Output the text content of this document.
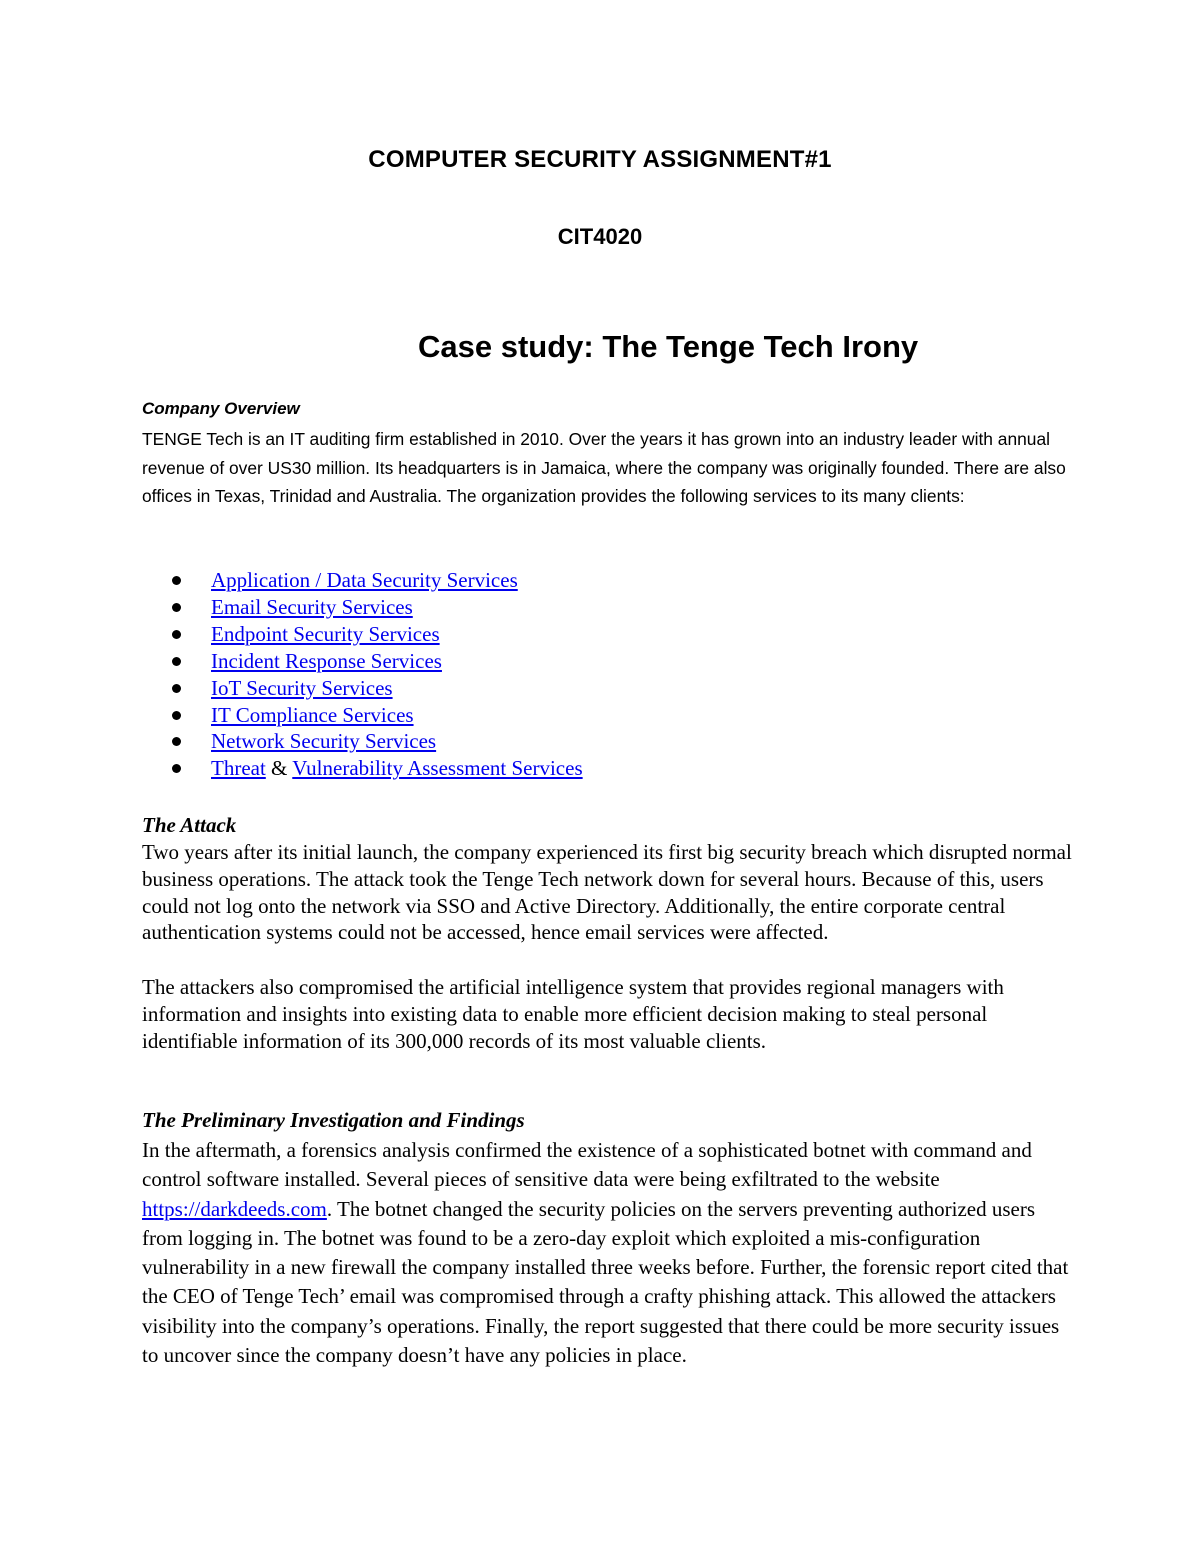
COMPUTER SECURITY ASSIGNMENT#1
CIT4020
Case study: The Tenge Tech Irony
Company Overview

TENGE Tech is an IT auditing firm established in 2010. Over the years it has grown into an industry leader with annual revenue of over US30 million. Its headquarters is in Jamaica, where the company was originally founded. There are also offices in Texas, Trinidad and Australia. The organization provides the following services to its many clients:

Application / Data Security Services
Email Security Services
Endpoint Security Services
Incident Response Services
IoT Security Services
IT Compliance Services
Network Security Services
Threat & Vulnerability Assessment Services
The Attack

Two years after its initial launch, the company experienced its first big security breach which disrupted normal business operations. The attack took the Tenge Tech network down for several hours. Because of this, users could not log onto the network via SSO and Active Directory. Additionally, the entire corporate central authentication systems could not be accessed, hence email services were affected.

The attackers also compromised the artificial intelligence system that provides regional managers with information and insights into existing data to enable more efficient decision making to steal personal identifiable information of its 300,000 records of its most valuable clients.

The Preliminary Investigation and Findings

In the aftermath, a forensics analysis confirmed the existence of a sophisticated botnet with command and control software installed. Several pieces of sensitive data were being exfiltrated to the website https://darkdeeds.com. The botnet changed the security policies on the servers preventing authorized users from logging in. The botnet was found to be a zero-day exploit which exploited a mis-configuration vulnerability in a new firewall the company installed three weeks before. Further, the forensic report cited that the CEO of Tenge Tech’ email was compromised through a crafty phishing attack. This allowed the attackers visibility into the company’s operations. Finally, the report suggested that there could be more security issues to uncover since the company doesn’t have any policies in place.
